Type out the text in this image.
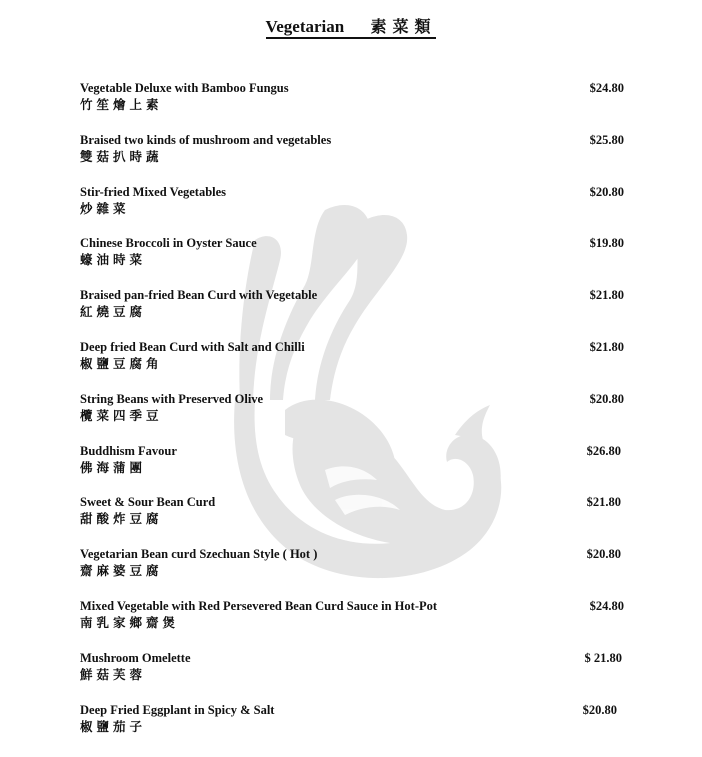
Vegetarian 素菜類
Vegetable Deluxe with Bamboo Fungus
竹笙燴上素
$24.80
Braised two kinds of mushroom and vegetables
雙菇扒時蔬
$25.80
Stir-fried Mixed Vegetables
炒雜菜
$20.80
Chinese Broccoli in Oyster Sauce
蠔油時菜
$19.80
Braised pan-fried Bean Curd with Vegetable
紅燒豆腐
$21.80
Deep fried Bean Curd with Salt and Chilli
椒鹽豆腐角
$21.80
String Beans with Preserved Olive
欖菜四季豆
$20.80
Buddhism Favour
佛海蒲團
$26.80
Sweet & Sour Bean Curd
甜酸炸豆腐
$21.80
Vegetarian Bean curd Szechuan Style ( Hot )
齋麻婆豆腐
$20.80
Mixed Vegetable with Red Persevered Bean Curd Sauce in Hot-Pot
南乳家鄉齋煲
$24.80
Mushroom Omelette
鮮菇芙蓉
$ 21.80
Deep Fried Eggplant in Spicy & Salt
椒鹽茄子
$20.80
